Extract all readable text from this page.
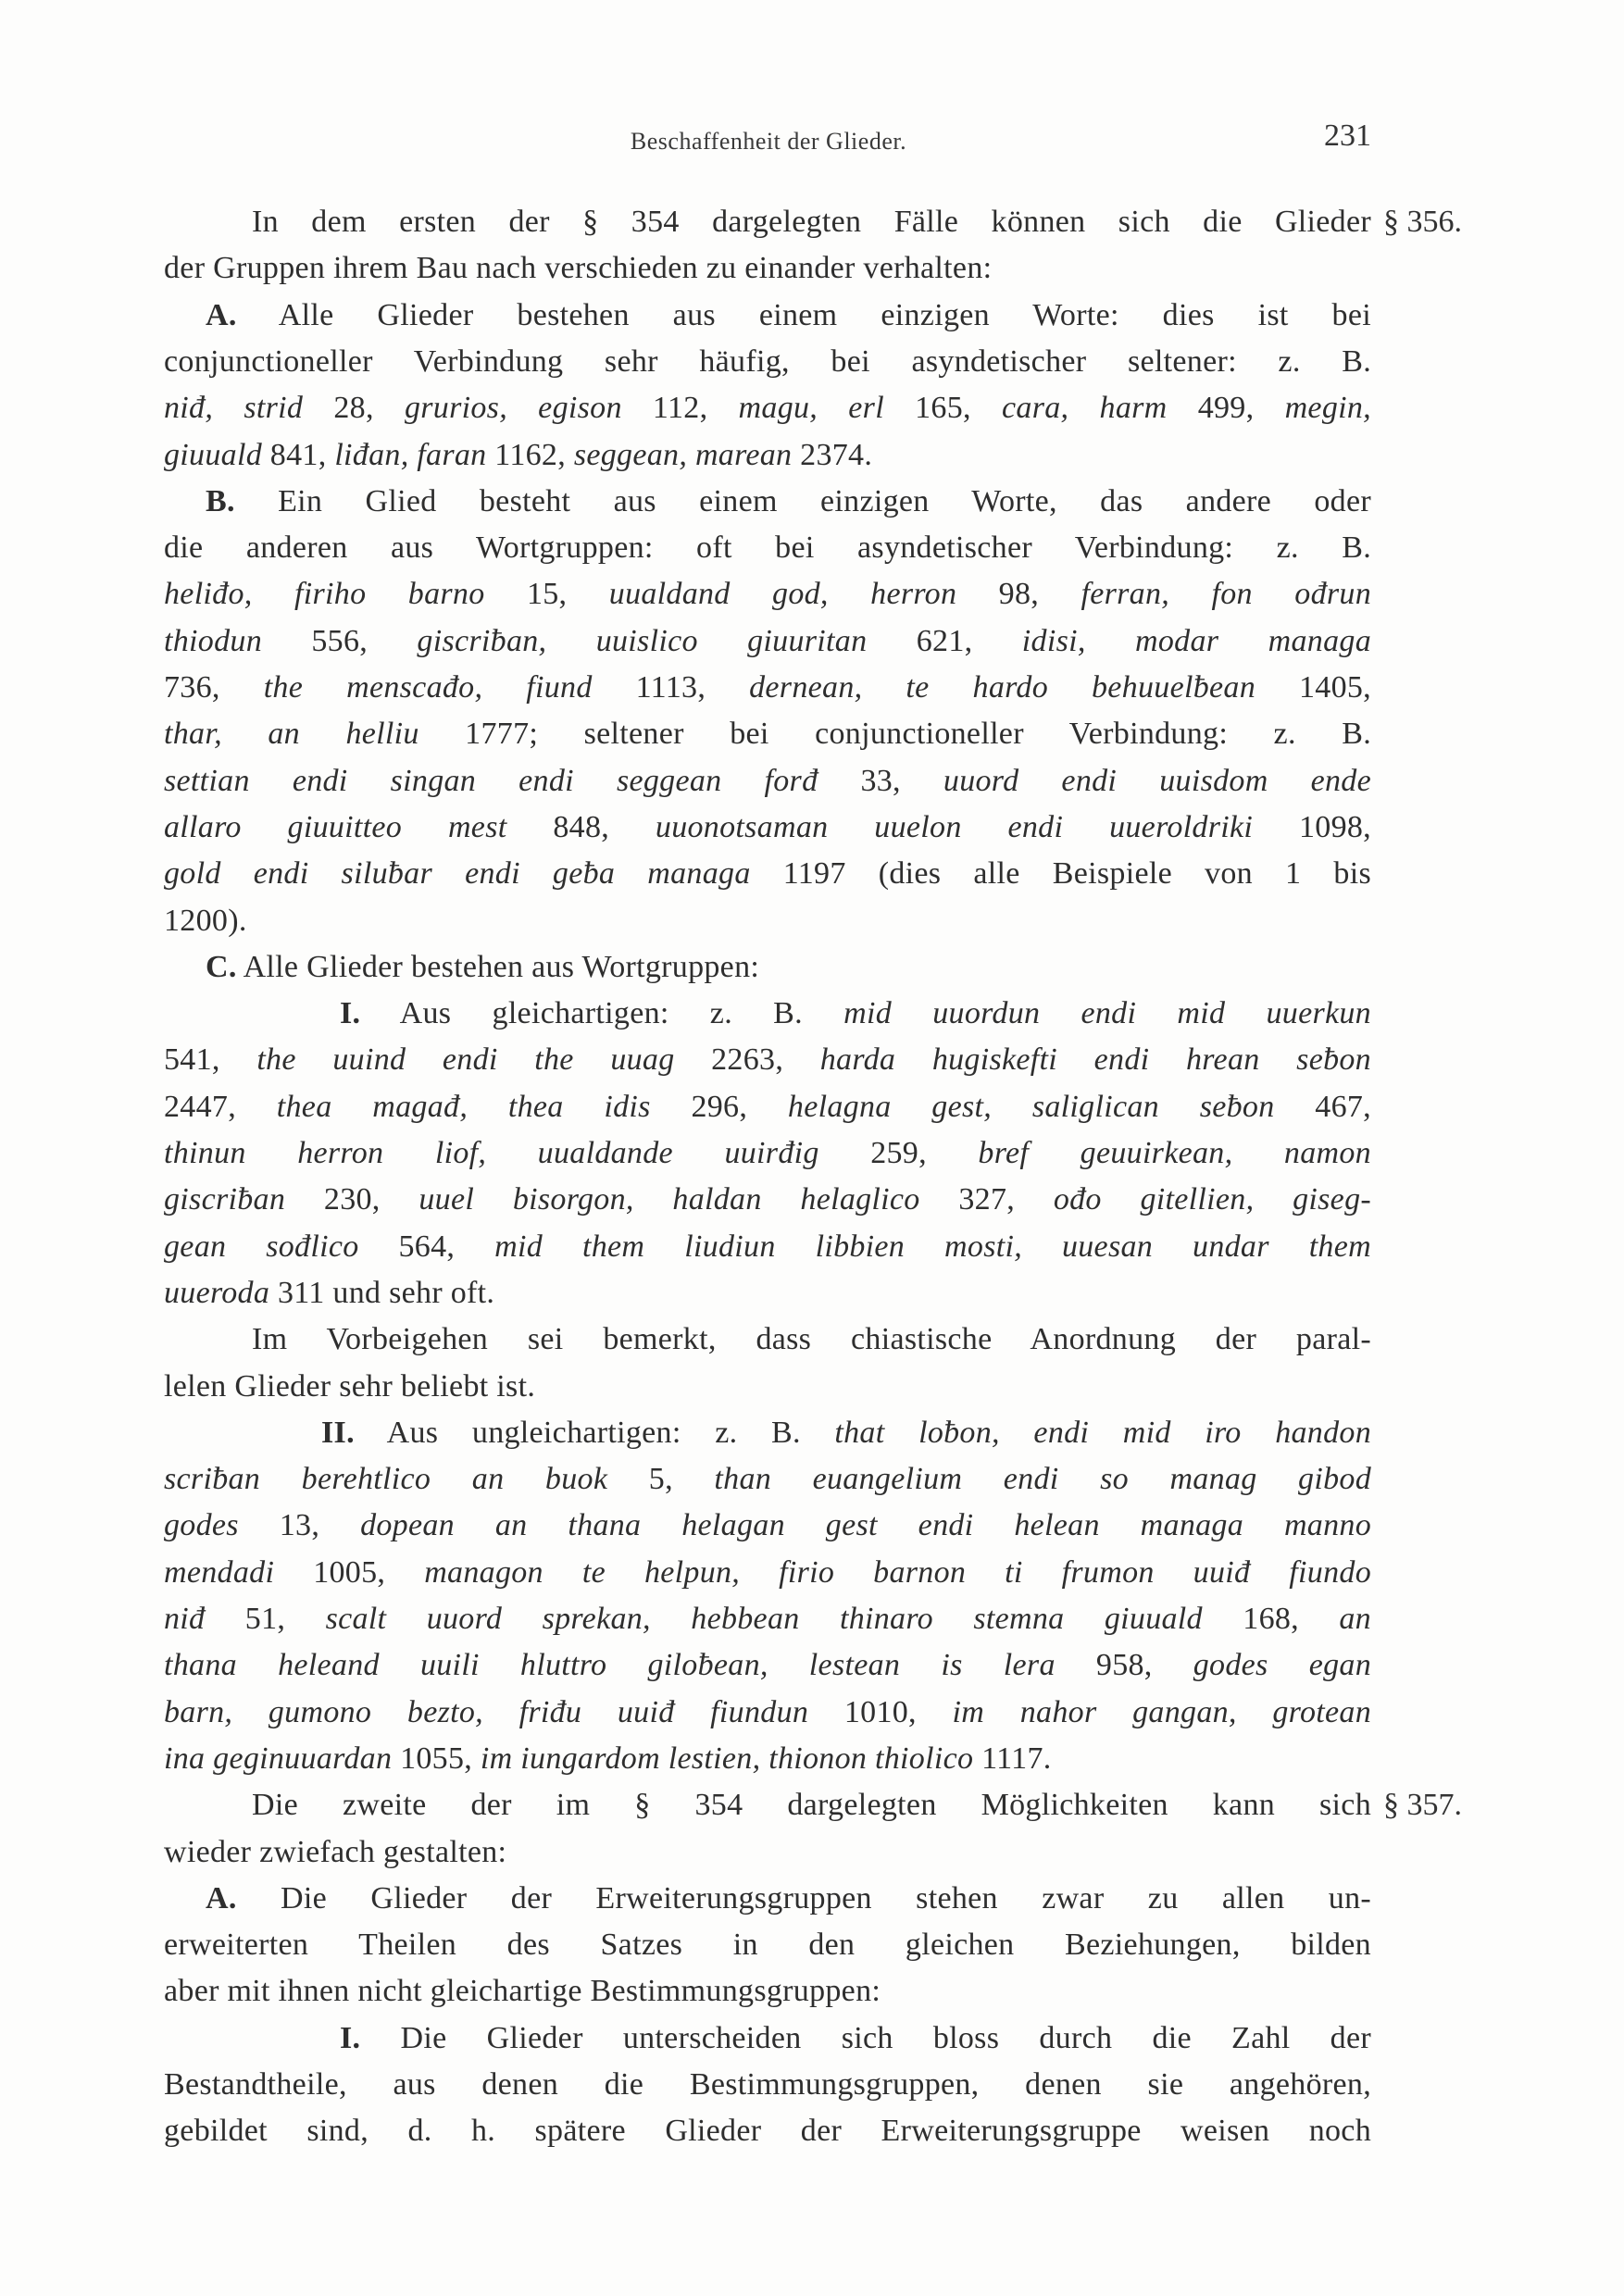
Beschaffenheit der Glieder.	231
§ 356.
§ 357.
In dem ersten der § 354 dargelegten Fälle können sich die Glieder
der Gruppen ihrem Bau nach verschieden zu einander verhalten:
A. Alle Glieder bestehen aus einem einzigen Worte: dies ist bei
conjunctioneller Verbindung sehr häufig, bei asyndetischer seltener: z. B.
niđ, strid 28, grurios, egison 112, magu, erl 165, cara, harm 499, megin,
giuuald 841, liđan, faran 1162, seggean, marean 2374.
B. Ein Glied besteht aus einem einzigen Worte, das andere oder
die anderen aus Wortgruppen: oft bei asyndetischer Verbindung: z. B.
heliđo, firiho barno 15, uualdand god, herron 98, ferran, fon ođrun
thiodun 556, giscriƀan, uuislico giuuritan 621, idisi, modar managa
736, the menscađo, fiund 1113, dernean, te hardo behuuelƀean 1405,
thar, an helliu 1777; seltener bei conjunctioneller Verbindung: z. B.
settian endi singan endi seggean forđ 33, uuord endi uuisdom ende
allaro giuuitteo mest 848, uuonotsaman uuelon endi uueroldriki 1098,
gold endi siluƀar endi geƀa managa 1197 (dies alle Beispiele von 1 bis
1200).
C. Alle Glieder bestehen aus Wortgruppen:
I. Aus gleichartigen: z. B. mid uuordun endi mid uuerkun
541, the uuind endi the uuag 2263, harda hugiskefti endi hrean seƀon
2447, thea magađ, thea idis 296, helagna gest, saliglican seƀon 467,
thinun herron liof, uualdande uuirđig 259, bref geuuirkean, namon
giscriƀan 230, uuel bisorgon, haldan helaglico 327, ođo gitellien, giseg-
gean sođlico 564, mid them liudiun libbien mosti, uuesan undar them
uueroda 311 und sehr oft.
Im Vorbeigehen sei bemerkt, dass chiastische Anordnung der paral-
lelen Glieder sehr beliebt ist.
II. Aus ungleichartigen: z. B. that loƀon, endi mid iro handon
scriƀan berehtlico an buok 5, than euangelium endi so manag gibod
godes 13, dopean an thana helagan gest endi helean managa manno
mendadi 1005, managon te helpun, firio barnon ti frumon uuiđ fiundo
niđ 51, scalt uuord sprekan, hebbean thinaro stemna giuuald 168, an
thana heleand uuili hluttro giloƀean, lestean is lera 958, godes egan
barn, gumono bezto, friđu uuiđ fiundun 1010, im nahor gangan, grotean
ina geginuuardan 1055, im iungardom lestien, thionon thiolico 1117.
Die zweite der im § 354 dargelegten Möglichkeiten kann sich
wieder zwiefach gestalten:
A. Die Glieder der Erweiterungsgruppen stehen zwar zu allen un-
erweiterten Theilen des Satzes in den gleichen Beziehungen, bilden
aber mit ihnen nicht gleichartige Bestimmungsgruppen:
I. Die Glieder unterscheiden sich bloss durch die Zahl der
Bestandtheile, aus denen die Bestimmungsgruppen, denen sie angehören,
gebildet sind, d. h. spätere Glieder der Erweiterungsgruppe weisen noch
